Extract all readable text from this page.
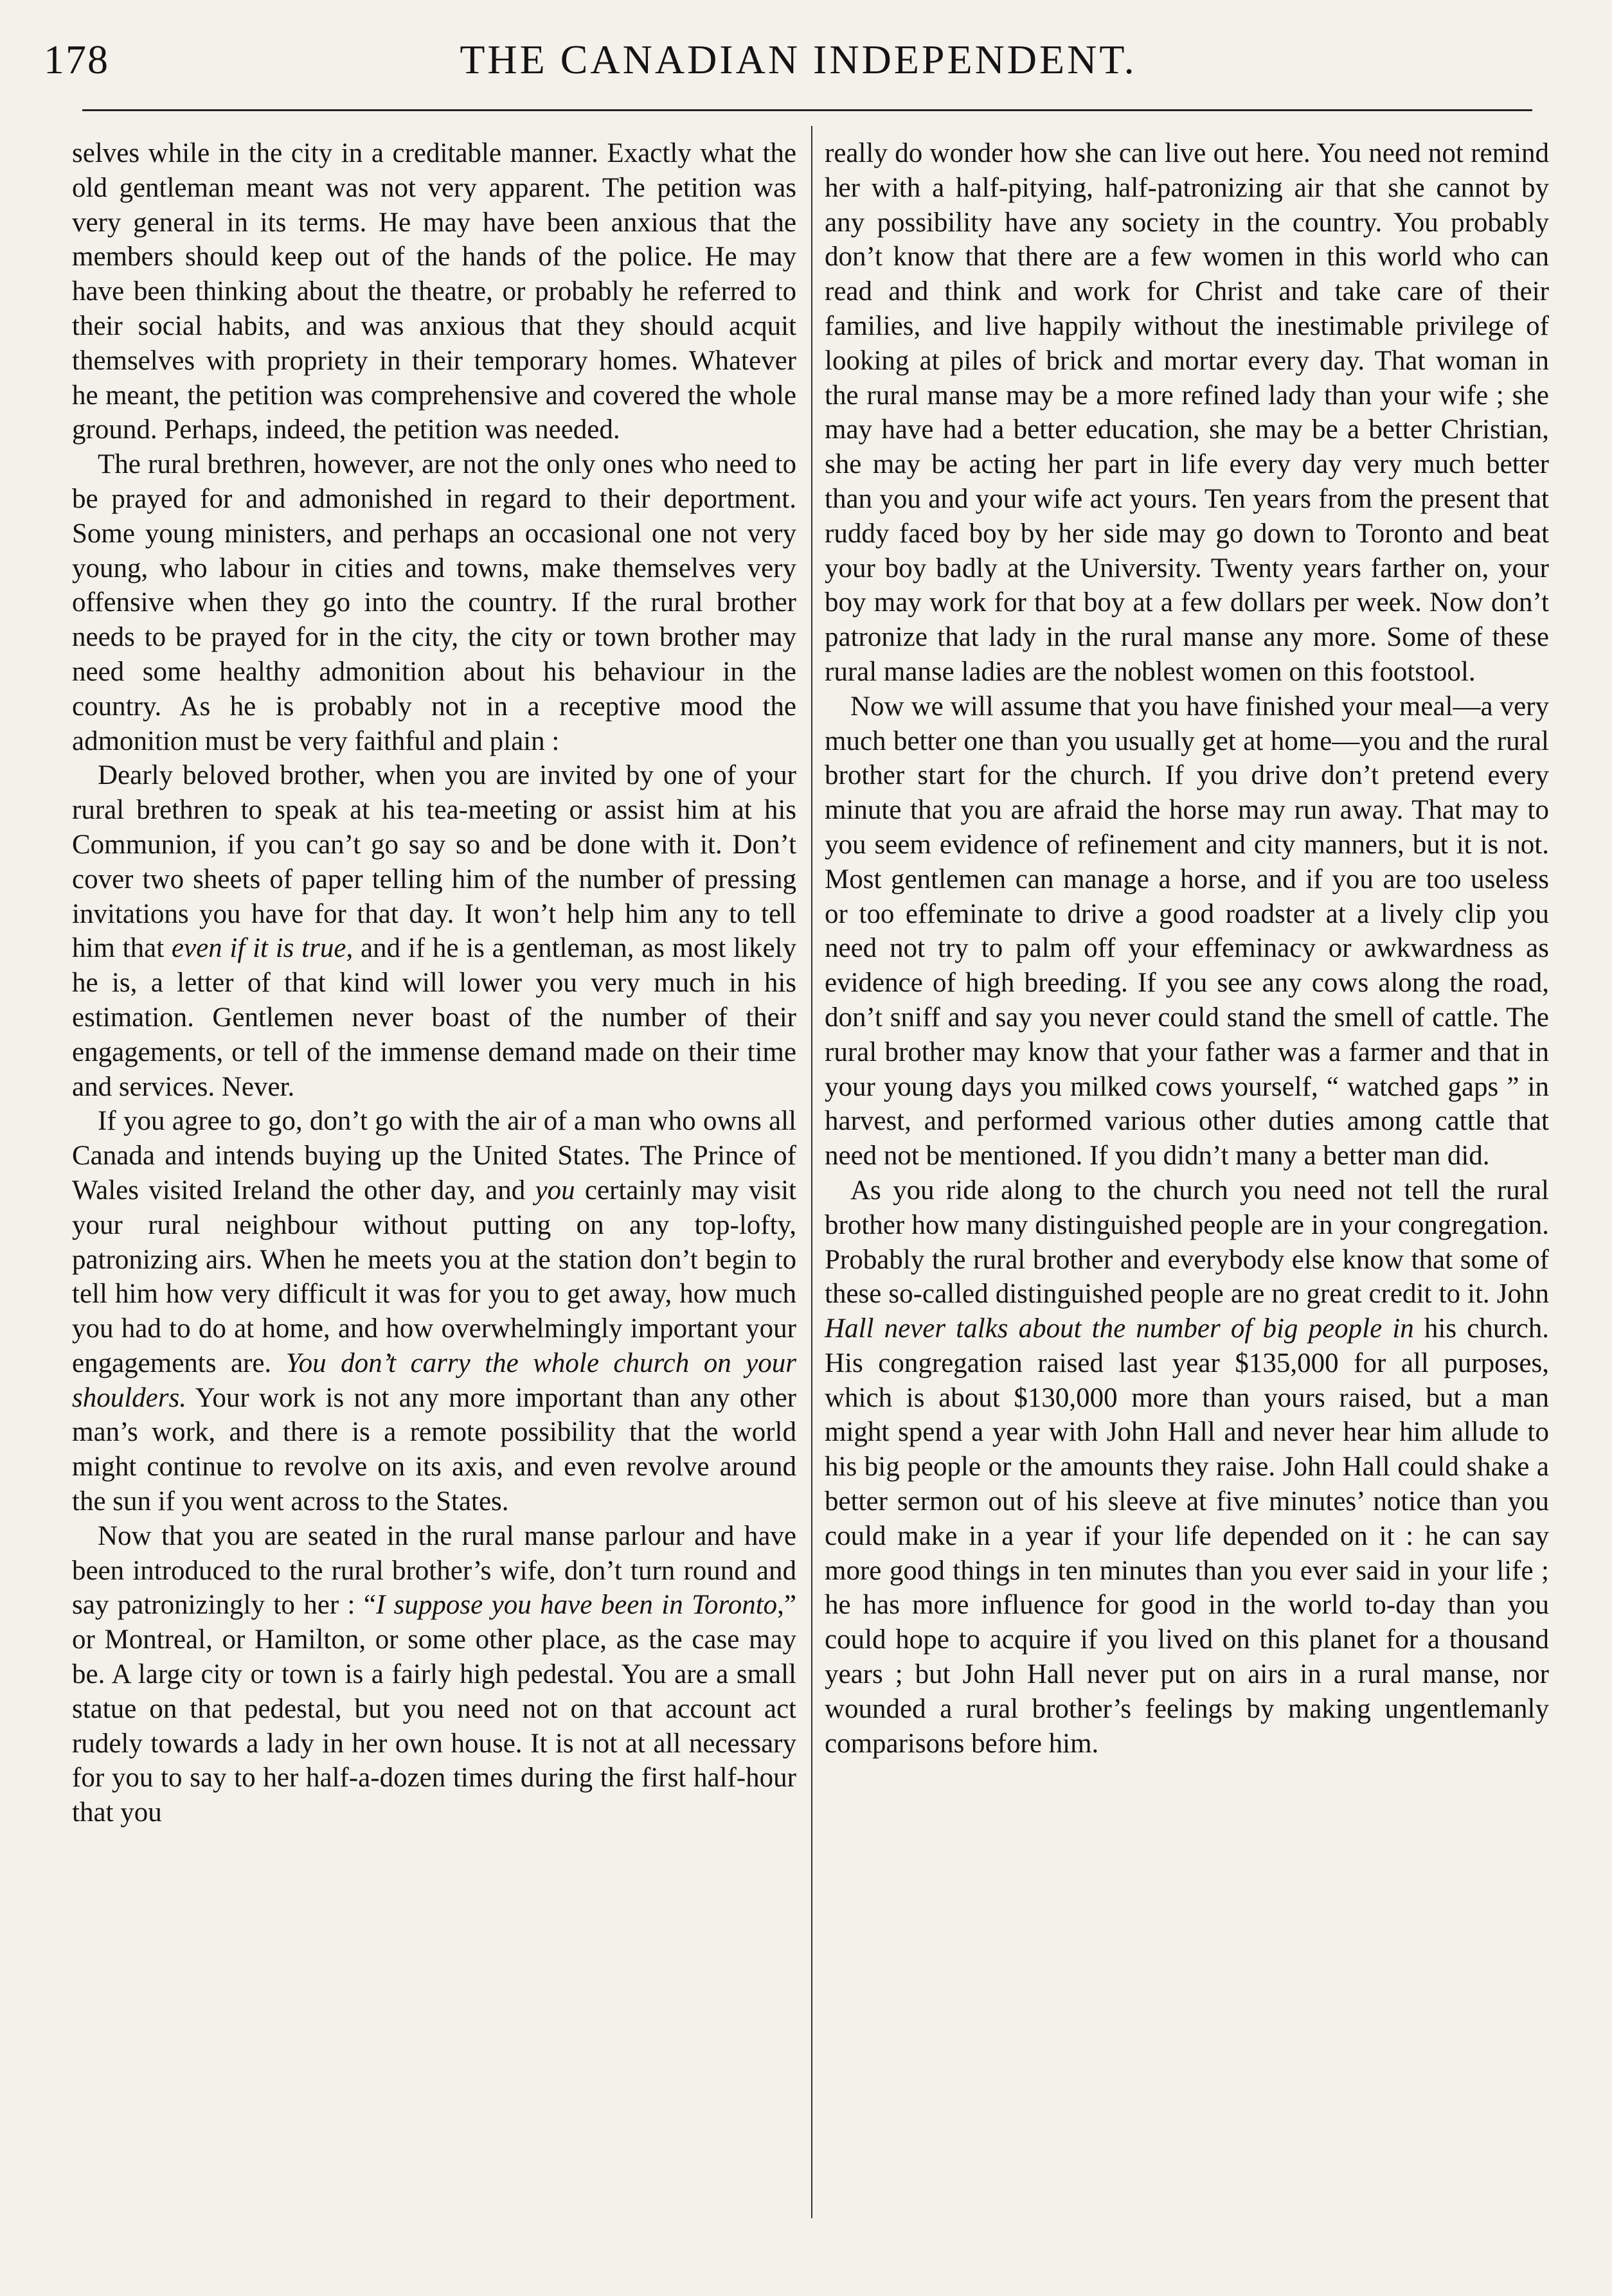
178	THE CANADIAN INDEPENDENT.

selves while in the city in a creditable manner. Exactly what the old gentleman meant was not very apparent. The petition was very general in its terms. He may have been anxious that the members should keep out of the hands of the police. He may have been thinking about the theatre, or probably he referred to their social habits, and was anxious that they should acquit themselves with propriety in their temporary homes. Whatever he meant, the petition was comprehensive and covered the whole ground. Perhaps, indeed, the petition was needed.

The rural brethren, however, are not the only ones who need to be prayed for and admonished in regard to their deportment. Some young ministers, and perhaps an occasional one not very young, who labour in cities and towns, make themselves very offensive when they go into the country. If the rural brother needs to be prayed for in the city, the city or town brother may need some healthy admonition about his behaviour in the country. As he is probably not in a receptive mood the admonition must be very faithful and plain :

Dearly beloved brother, when you are invited by one of your rural brethren to speak at his tea-meeting or assist him at his Communion, if you can’t go say so and be done with it. Don’t cover two sheets of paper telling him of the number of pressing invitations you have for that day. It won’t help him any to tell him that even if it is true, and if he is a gentleman, as most likely he is, a letter of that kind will lower you very much in his estimation. Gentlemen never boast of the number of their engagements, or tell of the immense demand made on their time and services. Never.

If you agree to go, don’t go with the air of a man who owns all Canada and intends buying up the United States. The Prince of Wales visited Ireland the other day, and you certainly may visit your rural neighbour without putting on any top-lofty, patronizing airs. When he meets you at the station don’t begin to tell him how very difficult it was for you to get away, how much you had to do at home, and how overwhelmingly important your engagements are. You don’t carry the whole church on your shoulders. Your work is not any more important than any other man’s work, and there is a remote possibility that the world might continue to revolve on its axis, and even revolve around the sun if you went across to the States.

Now that you are seated in the rural manse parlour and have been introduced to the rural brother’s wife, don’t turn round and say patronizingly to her : “I suppose you have been in Toronto,” or Montreal, or Hamilton, or some other place, as the case may be. A large city or town is a fairly high pedestal. You are a small statue on that pedestal, but you need not on that account act rudely towards a lady in her own house. It is not at all necessary for you to say to her half-a-dozen times during the first half-hour that you

really do wonder how she can live out here. You need not remind her with a half-pitying, half-patronizing air that she cannot by any possibility have any society in the country. You probably don’t know that there are a few women in this world who can read and think and work for Christ and take care of their families, and live happily without the inestimable privilege of looking at piles of brick and mortar every day. That woman in the rural manse may be a more refined lady than your wife ; she may have had a better education, she may be a better Christian, she may be acting her part in life every day very much better than you and your wife act yours. Ten years from the present that ruddy faced boy by her side may go down to Toronto and beat your boy badly at the University. Twenty years farther on, your boy may work for that boy at a few dollars per week. Now don’t patronize that lady in the rural manse any more. Some of these rural manse ladies are the noblest women on this footstool.

Now we will assume that you have finished your meal—a very much better one than you usually get at home—you and the rural brother start for the church. If you drive don’t pretend every minute that you are afraid the horse may run away. That may to you seem evidence of refinement and city manners, but it is not. Most gentlemen can manage a horse, and if you are too useless or too effeminate to drive a good roadster at a lively clip you need not try to palm off your effeminacy or awkwardness as evidence of high breeding. If you see any cows along the road, don’t sniff and say you never could stand the smell of cattle. The rural brother may know that your father was a farmer and that in your young days you milked cows yourself, “ watched gaps ” in harvest, and performed various other duties among cattle that need not be mentioned. If you didn’t many a better man did.

As you ride along to the church you need not tell the rural brother how many distinguished people are in your congregation. Probably the rural brother and everybody else know that some of these so-called distinguished people are no great credit to it. John Hall never talks about the number of big people in his church. His congregation raised last year $135,000 for all purposes, which is about $130,000 more than yours raised, but a man might spend a year with John Hall and never hear him allude to his big people or the amounts they raise. John Hall could shake a better sermon out of his sleeve at five minutes’ notice than you could make in a year if your life depended on it : he can say more good things in ten minutes than you ever said in your life ; he has more influence for good in the world to-day than you could hope to acquire if you lived on this planet for a thousand years ; but John Hall never put on airs in a rural manse, nor wounded a rural brother’s feelings by making ungentlemanly comparisons before him.
